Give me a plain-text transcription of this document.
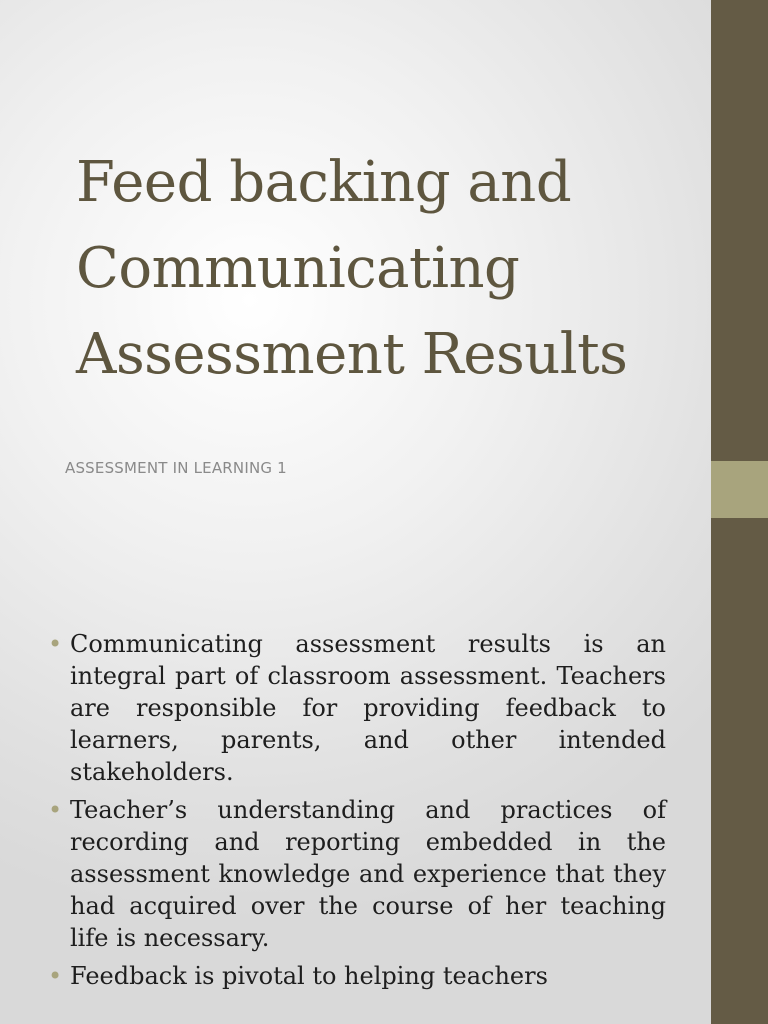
Feed backing and
Communicating
Assessment Results
ASSESSMENT IN LEARNING 1
• Communicating assessment results is an integral part of classroom assessment. Teachers are responsible for providing feedback to learners, parents, and other intended stakeholders.
• Teacher’s understanding and practices of recording and reporting embedded in the assessment knowledge and experience that they had acquired over the course of her teaching life is necessary.
• Feedback is pivotal to helping teachers
